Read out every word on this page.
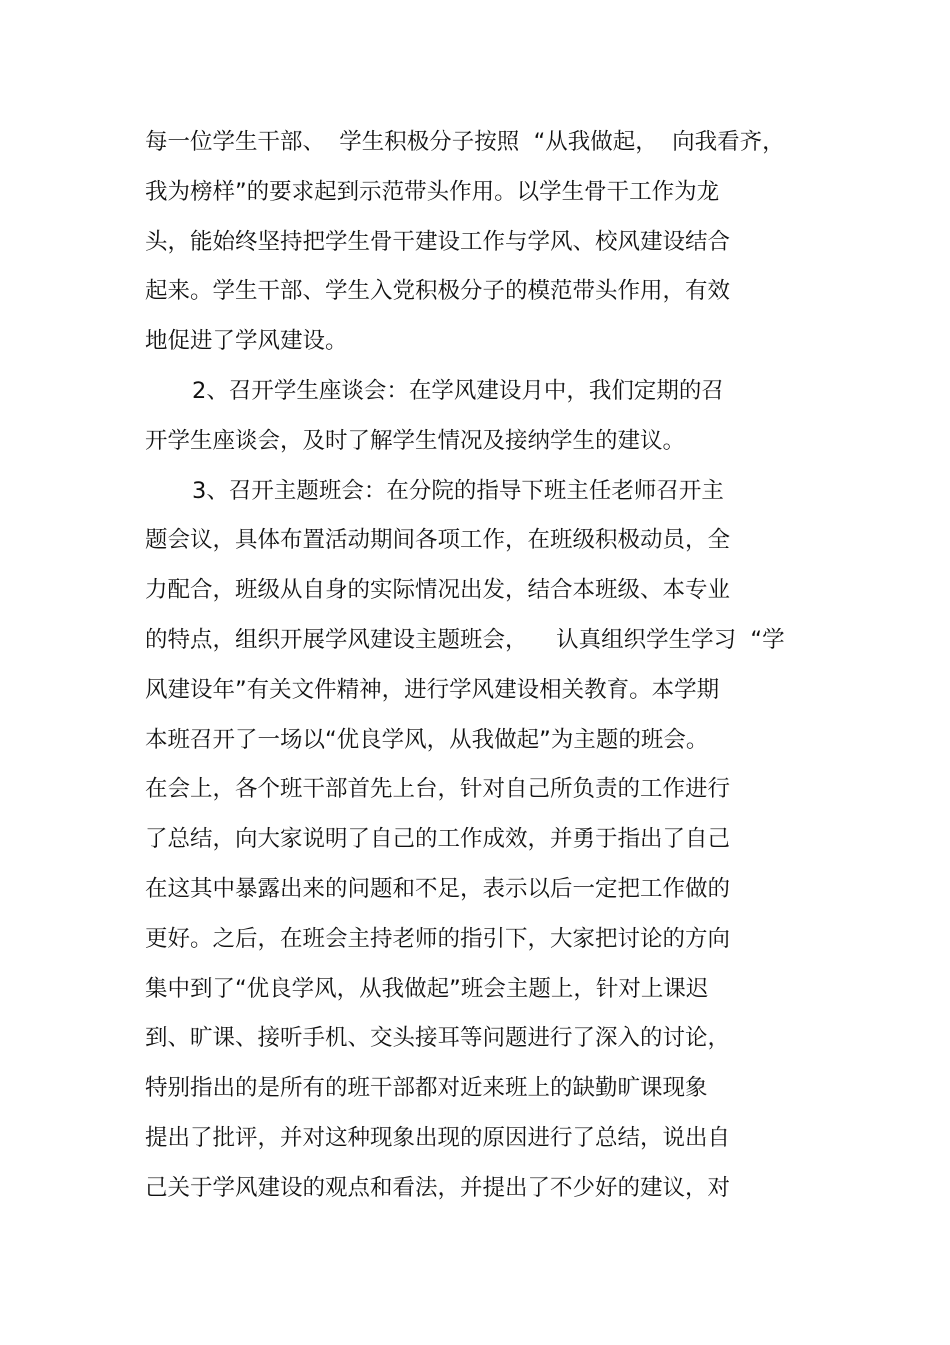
每一位学生干部、  学生积极分子按照  “从我做起，  向我看齐，
我为榜样”的要求起到示范带头作用。以学生骨干工作为龙
头，能始终坚持把学生骨干建设工作与学风、校风建设结合
起来。学生干部、学生入党积极分子的模范带头作用，有效
地促进了学风建设。
2、召开学生座谈会：在学风建设月中，我们定期的召
开学生座谈会，及时了解学生情况及接纳学生的建议。
3、召开主题班会：在分院的指导下班主任老师召开主
题会议，具体布置活动期间各项工作，在班级积极动员，全
力配合，班级从自身的实际情况出发，结合本班级、本专业
的特点，组织开展学风建设主题班会，    认真组织学生学习  “学
风建设年”有关文件精神，进行学风建设相关教育。本学期
本班召开了一场以“优良学风，从我做起”为主题的班会。
在会上，各个班干部首先上台，针对自己所负责的工作进行
了总结，向大家说明了自己的工作成效，并勇于指出了自己
在这其中暴露出来的问题和不足，表示以后一定把工作做的
更好。之后，在班会主持老师的指引下，大家把讨论的方向
集中到了“优良学风，从我做起”班会主题上，针对上课迟
到、旷课、接听手机、交头接耳等问题进行了深入的讨论，
特别指出的是所有的班干部都对近来班上的缺勤旷课现象
提出了批评，并对这种现象出现的原因进行了总结，说出自
己关于学风建设的观点和看法，并提出了不少好的建议，对
